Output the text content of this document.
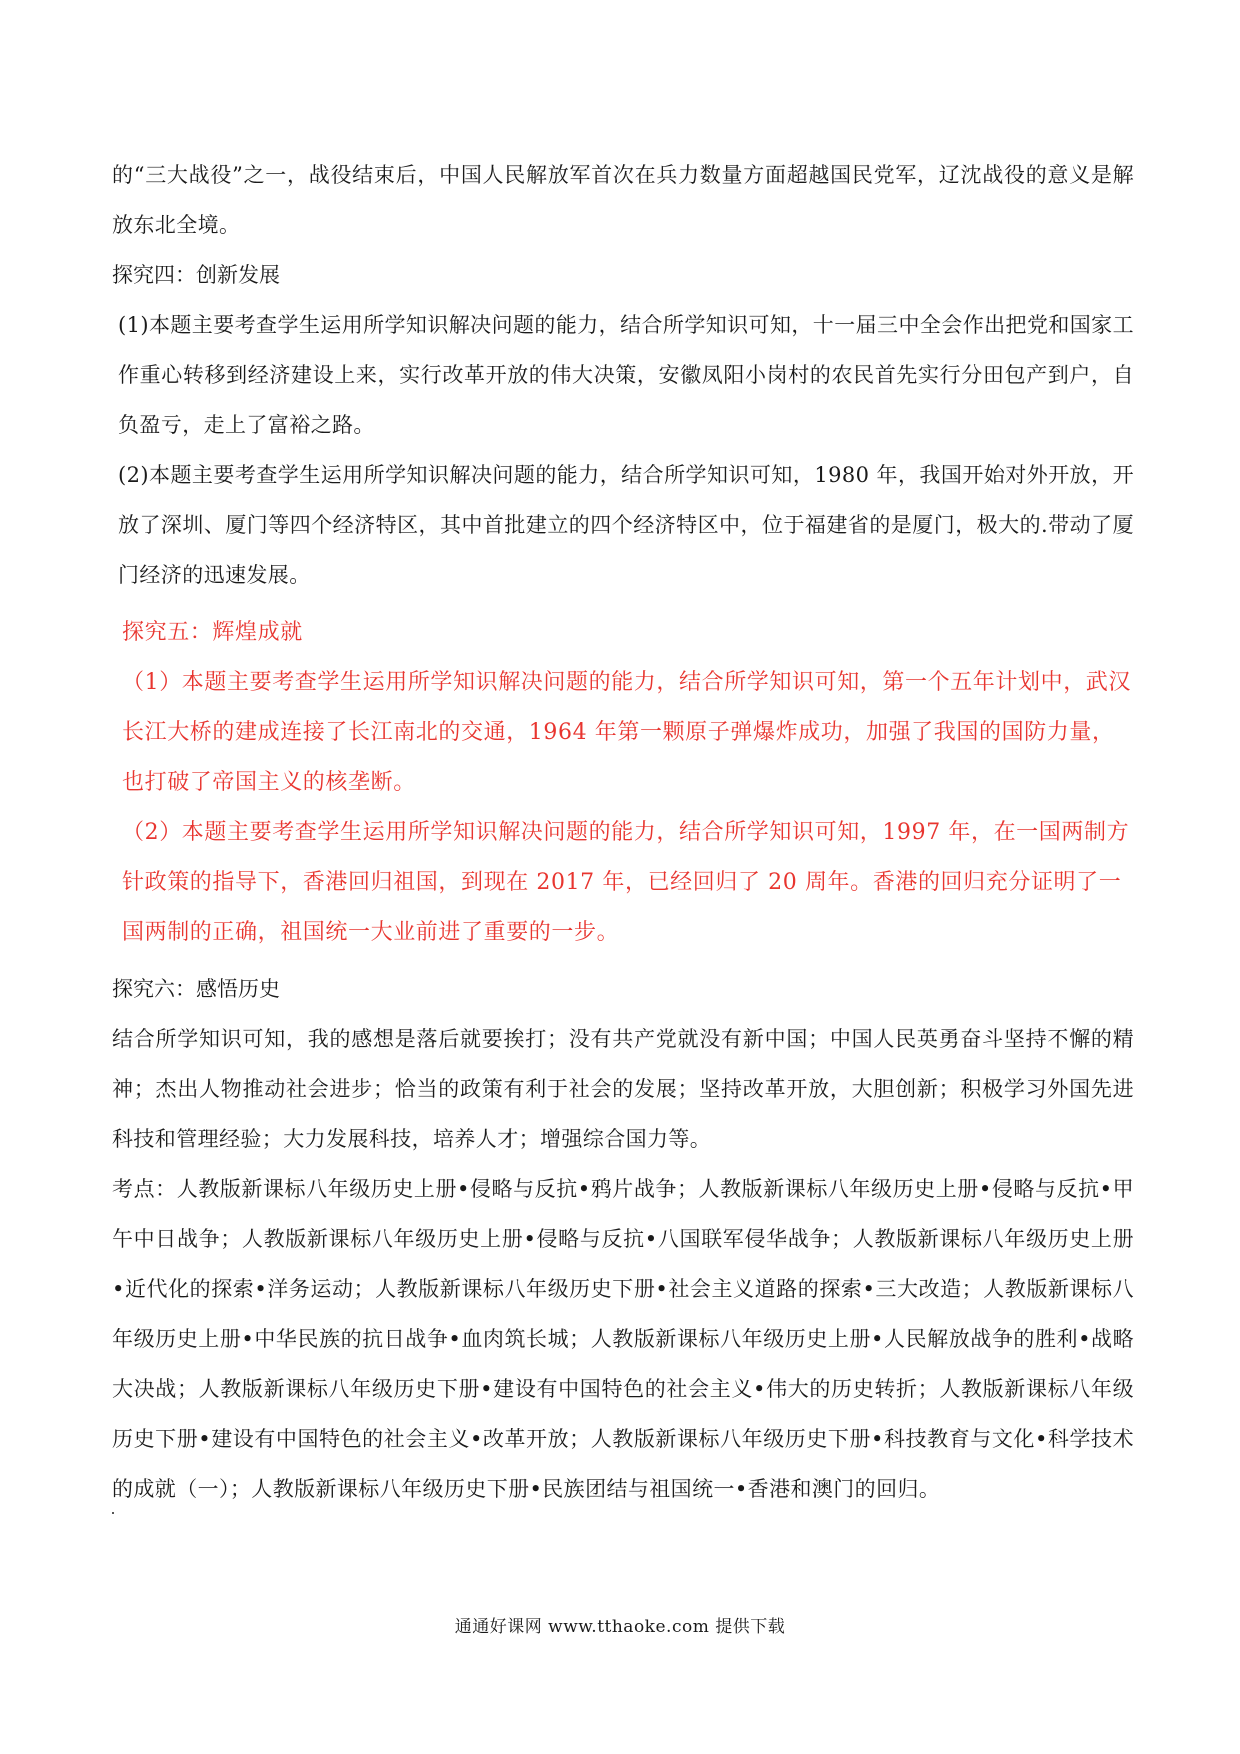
的“三大战役”之一，战役结束后，中国人民解放军首次在兵力数量方面超越国民党军，辽沈战役的意义是解放东北全境。

探究四：创新发展

(1)本题主要考查学生运用所学知识解决问题的能力，结合所学知识可知，十一届三中全会作出把党和国家工作重心转移到经济建设上来，实行改革开放的伟大决策，安徽凤阳小岗村的农民首先实行分田包产到户，自负盈亏，走上了富裕之路。

(2)本题主要考查学生运用所学知识解决问题的能力，结合所学知识可知，1980 年，我国开始对外开放，开放了深圳、厦门等四个经济特区，其中首批建立的四个经济特区中，位于福建省的是厦门，极大的.带动了厦门经济的迅速发展。

探究五：辉煌成就

（1）本题主要考查学生运用所学知识解决问题的能力，结合所学知识可知，第一个五年计划中，武汉长江大桥的建成连接了长江南北的交通，1964 年第一颗原子弹爆炸成功，加强了我国的国防力量，也打破了帝国主义的核垄断。

（2）本题主要考查学生运用所学知识解决问题的能力，结合所学知识可知，1997 年，在一国两制方针政策的指导下，香港回归祖国，到现在 2017 年，已经回归了 20 周年。香港的回归充分证明了一国两制的正确，祖国统一大业前进了重要的一步。

探究六：感悟历史

结合所学知识可知，我的感想是落后就要挨打；没有共产党就没有新中国；中国人民英勇奋斗坚持不懈的精神；杰出人物推动社会进步；恰当的政策有利于社会的发展；坚持改革开放，大胆创新；积极学习外国先进科技和管理经验；大力发展科技，培养人才；增强综合国力等。

考点：人教版新课标八年级历史上册•侵略与反抗•鸦片战争；人教版新课标八年级历史上册•侵略与反抗•甲午中日战争；人教版新课标八年级历史上册•侵略与反抗•八国联军侵华战争；人教版新课标八年级历史上册•近代化的探索•洋务运动；人教版新课标八年级历史下册•社会主义道路的探索•三大改造；人教版新课标八年级历史上册•中华民族的抗日战争•血肉筑长城；人教版新课标八年级历史上册•人民解放战争的胜利•战略大决战；人教版新课标八年级历史下册•建设有中国特色的社会主义•伟大的历史转折；人教版新课标八年级历史下册•建设有中国特色的社会主义•改革开放；人教版新课标八年级历史下册•科技教育与文化•科学技术的成就（一）；人教版新课标八年级历史下册•民族团结与祖国统一•香港和澳门的回归。

通通好课网 www.tthaoke.com 提供下载
